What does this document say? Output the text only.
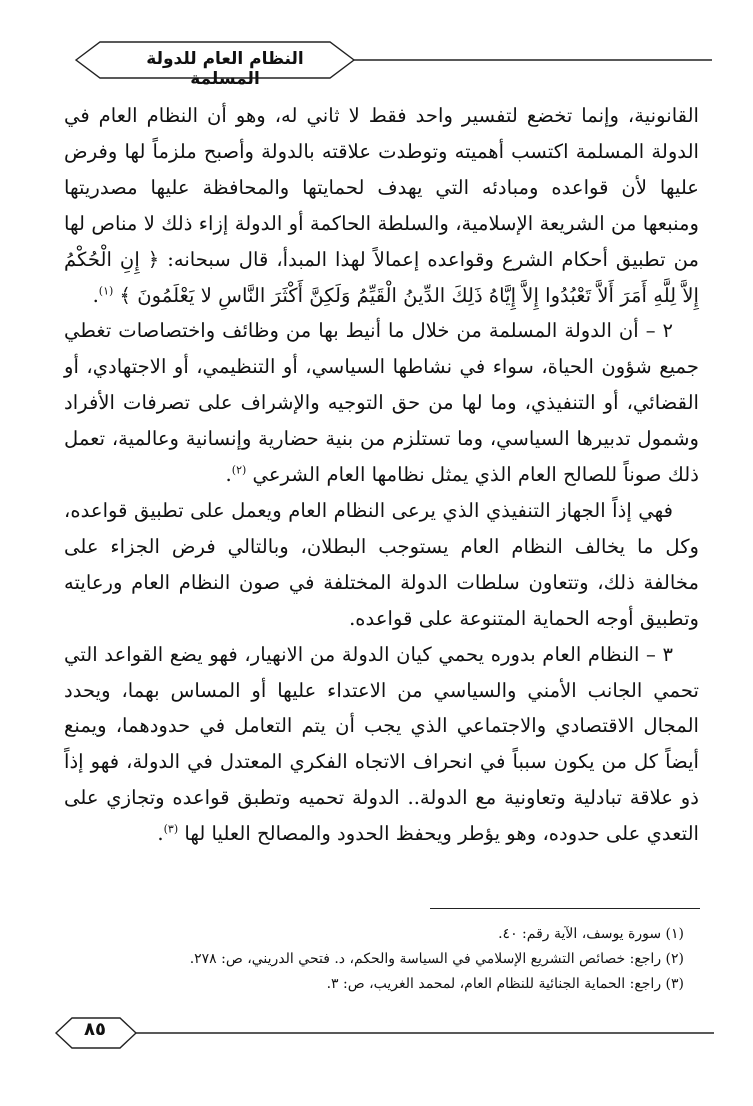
النظام العام للدولة المسلمة

القانونية، وإنما تخضع لتفسير واحد فقط لا ثاني له، وهو أن النظام العام في الدولة المسلمة اكتسب أهميته وتوطدت علاقته بالدولة وأصبح ملزماً لها وفرض عليها لأن قواعده ومبادئه التي يهدف لحمايتها والمحافظة عليها مصدريتها ومنبعها من الشريعة الإسلامية، والسلطة الحاكمة أو الدولة إزاء ذلك لا مناص لها من تطبيق أحكام الشرع وقواعده إعمالاً لهذا المبدأ، قال سبحانه: ﴿ إِنِ الْحُكْمُ إِلاَّ لِلَّهِ أَمَرَ أَلاَّ تَعْبُدُوا إِلاَّ إِيَّاهُ ذَلِكَ الدِّينُ الْقَيِّمُ وَلَكِنَّ أَكْثَرَ النَّاسِ لا يَعْلَمُونَ ﴾ $^{(١)}$.

٢ – أن الدولة المسلمة من خلال ما أنيط بها من وظائف واختصاصات تغطي جميع شؤون الحياة، سواء في نشاطها السياسي، أو التنظيمي، أو الاجتهادي، أو القضائي، أو التنفيذي، وما لها من حق التوجيه والإشراف على تصرفات الأفراد وشمول تدبيرها السياسي، وما تستلزم من بنية حضارية وإنسانية وعالمية، تعمل ذلك صوناً للصالح العام الذي يمثل نظامها العام الشرعي $^{(٢)}$.

فهي إذاً الجهاز التنفيذي الذي يرعى النظام العام ويعمل على تطبيق قواعده، وكل ما يخالف النظام العام يستوجب البطلان، وبالتالي فرض الجزاء على مخالفة ذلك، وتتعاون سلطات الدولة المختلفة في صون النظام العام ورعايته وتطبيق أوجه الحماية المتنوعة على قواعده.

٣ – النظام العام بدوره يحمي كيان الدولة من الانهيار، فهو يضع القواعد التي تحمي الجانب الأمني والسياسي من الاعتداء عليها أو المساس بهما، ويحدد المجال الاقتصادي والاجتماعي الذي يجب أن يتم التعامل في حدودهما، ويمنع أيضاً كل من يكون سبباً في انحراف الاتجاه الفكري المعتدل في الدولة، فهو إذاً ذو علاقة تبادلية وتعاونية مع الدولة.. الدولة تحميه وتطبق قواعده وتجازي على التعدي على حدوده، وهو يؤطر ويحفظ الحدود والمصالح العليا لها $^{(٣)}$.

(١) سورة يوسف، الآية رقم: ٤٠.
(٢) راجع: خصائص التشريع الإسلامي في السياسة والحكم، د. فتحي الدريني، ص: ٢٧٨.
(٣) راجع: الحماية الجنائية للنظام العام، لمحمد الغريب، ص: ٣.
٨٥
